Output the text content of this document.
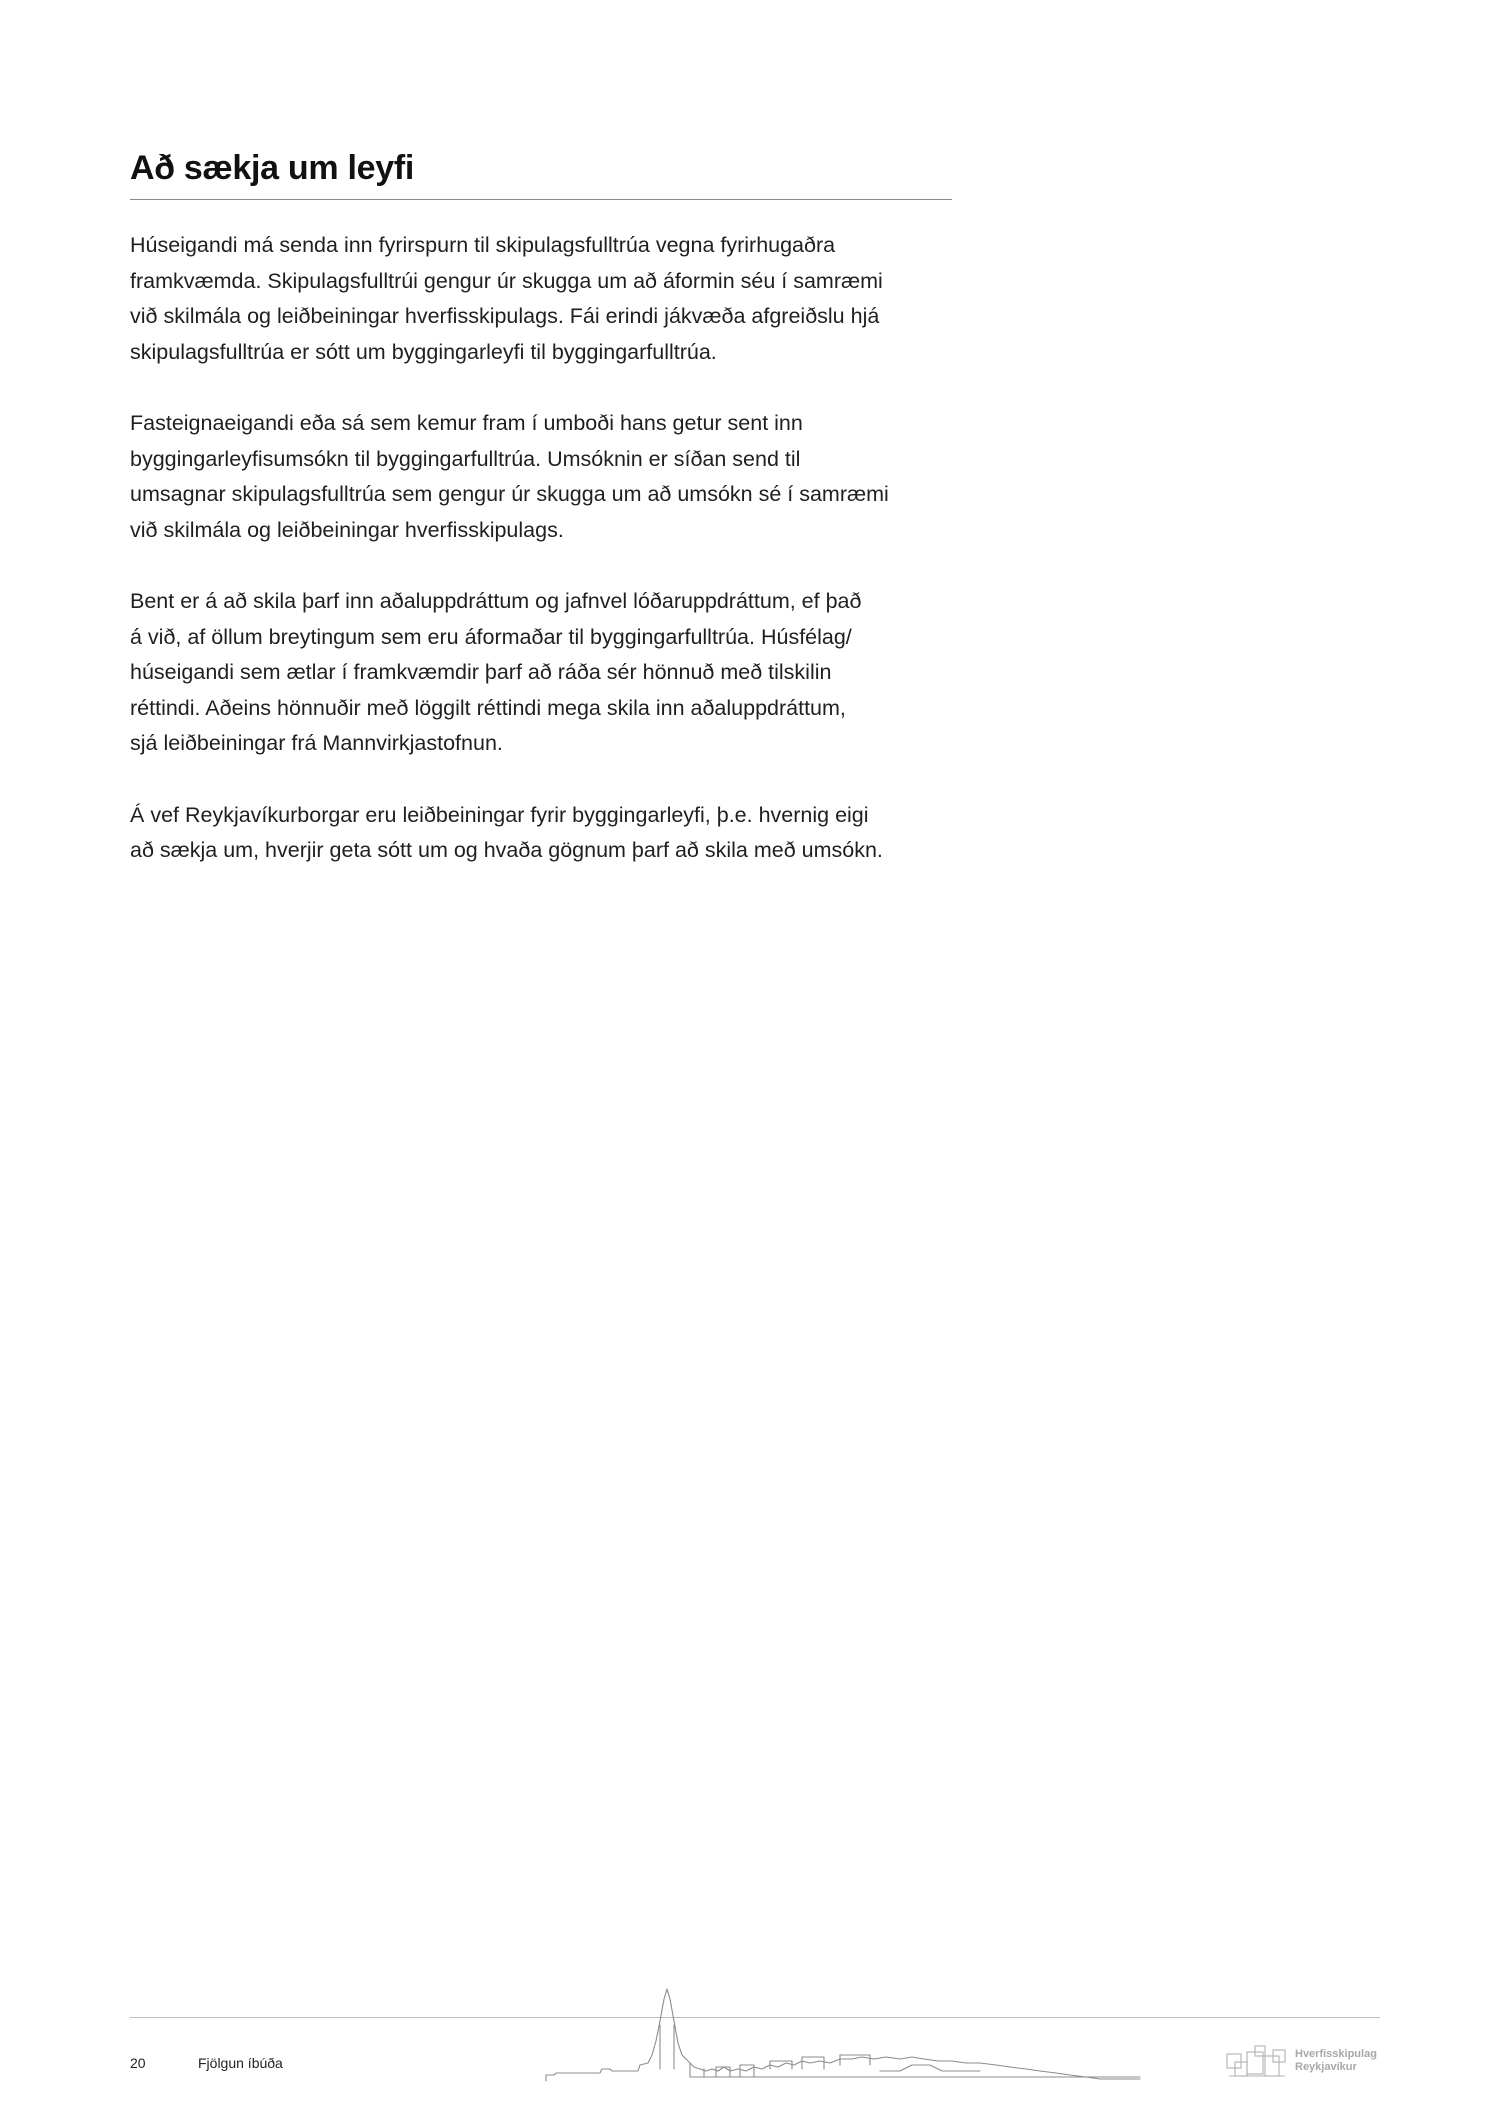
Að sækja um leyfi

Húseigandi má senda inn fyrirspurn til skipulagsfulltrúa vegna fyrirhugaðra
framkvæmda. Skipulagsfulltrúi gengur úr skugga um að áformin séu í samræmi
við skilmála og leiðbeiningar hverfisskipulags. Fái erindi jákvæða afgreiðslu hjá
skipulagsfulltrúa er sótt um byggingarleyfi til byggingarfulltrúa.

Fasteignaeigandi eða sá sem kemur fram í umboði hans getur sent inn
byggingarleyfisumsókn til byggingarfulltrúa. Umsóknin er síðan send til
umsagnar skipulagsfulltrúa sem gengur úr skugga um að umsókn sé í samræmi
við skilmála og leiðbeiningar hverfisskipulags.

Bent er á að skila þarf inn aðaluppdráttum og jafnvel lóðaruppdráttum, ef það
á við, af öllum breytingum sem eru áformaðar til byggingarfulltrúa. Húsfélag/
húseigandi sem ætlar í framkvæmdir þarf að ráða sér hönnuð með tilskilin
réttindi. Aðeins hönnuðir með löggilt réttindi mega skila inn aðaluppdráttum,
sjá leiðbeiningar frá Mannvirkjastofnun.

Á vef Reykjavíkurborgar eru leiðbeiningar fyrir byggingarleyfi, þ.e. hvernig eigi
að sækja um, hverjir geta sótt um og hvaða gögnum þarf að skila með umsókn.

20	Fjölgun íbúða
Hverfisskipulag
Reykjavíkur
